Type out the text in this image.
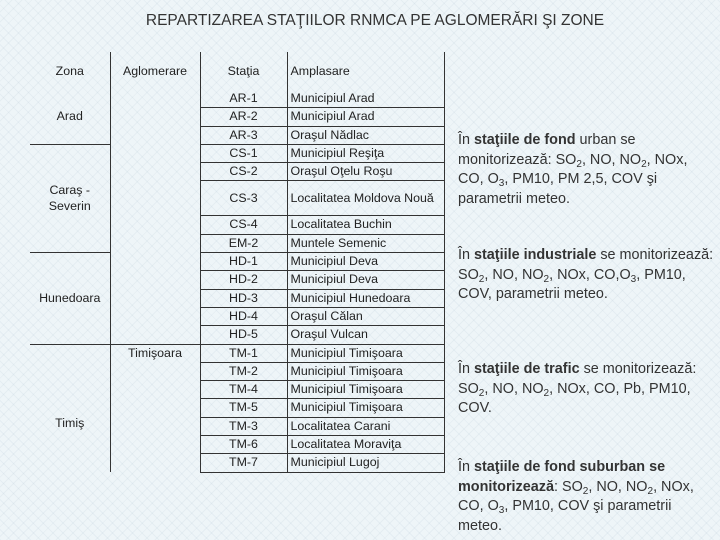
REPARTIZAREA STAŢIILOR RNMCA PE AGLOMERĂRI ŞI ZONE
Zona	Aglomerare	Staţia	Amplasare
Arad		AR-1	Municipiul Arad
		AR-2	Municipiul Arad
		AR-3	Oraşul Nădlac
Caraş - Severin		CS-1	Municipiul Reşiţa
		CS-2	Oraşul Oţelu Roşu
		CS-3	Localitatea Moldova Nouă

		CS-4	Localitatea Buchin
		EM-2	Muntele Semenic
Hunedoara		HD-1	Municipiul Deva
		HD-2	Municipiul Deva
		HD-3	Municipiul Hunedoara
		HD-4	Oraşul Călan
		HD-5	Oraşul Vulcan
Timiş	Timişoara	TM-1	Municipiul Timişoara
		TM-2	Municipiul Timişoara
		TM-4	Municipiul Timişoara
		TM-5	Municipiul Timişoara
		TM-3	Localitatea Carani
		TM-6	Localitatea Moraviţa
		TM-7	Municipiul Lugoj
În staţiile de fond urban se monitorizează: $SO_2$, NO, $NO_2$, NOx, CO, $O_3$, PM10, PM 2,5, COV şi parametrii meteo.
În staţiile industriale se monitorizează: $SO_2$, NO, $NO_2$, NOx, $CO,O_3$, PM10, COV, parametrii meteo.
În staţiile de trafic se monitorizează: $SO_2$, NO, $NO_2$, NOx, CO, Pb, PM10, COV.
În staţiile de fond suburban se monitorizează: $SO_2$, NO, $NO_2$, NOx, CO, $O_3$, PM10, COV şi parametrii meteo.
